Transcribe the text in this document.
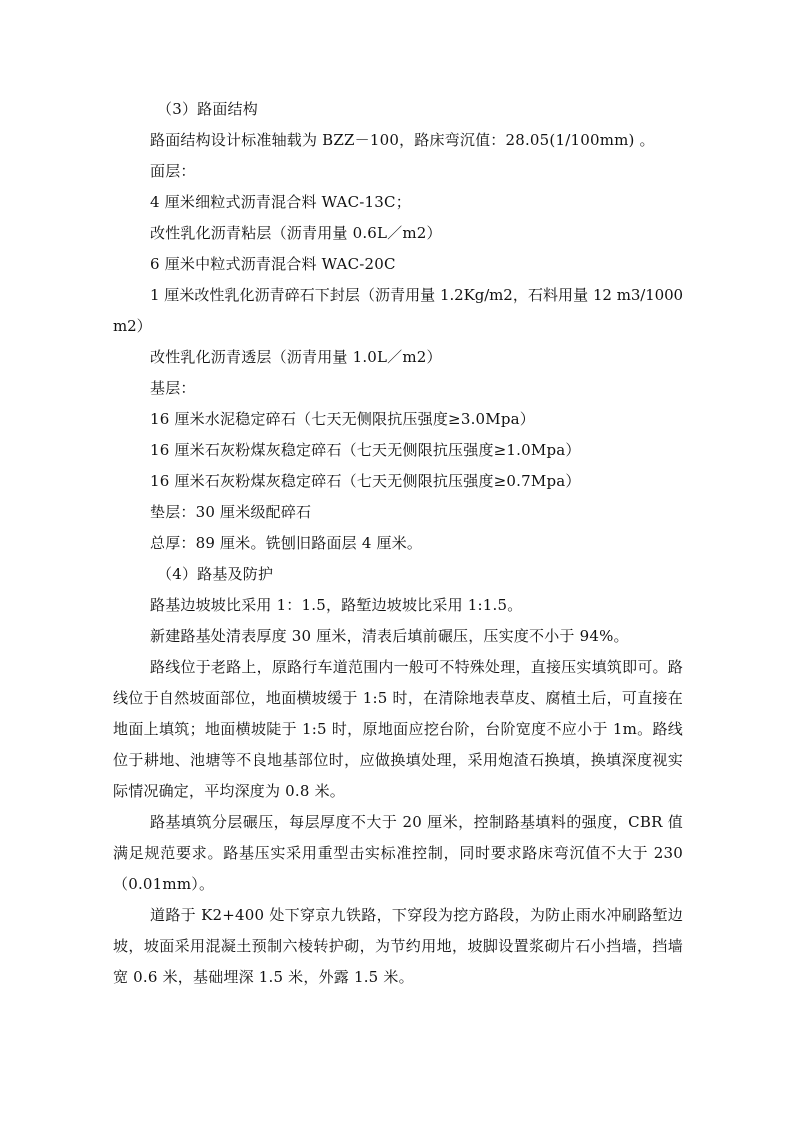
（3）路面结构

路面结构设计标准轴载为 BZZ－100，路床弯沉值：28.05(1/100mm) 。

面层：

4 厘米细粒式沥青混合料 WAC-13C；

改性乳化沥青粘层（沥青用量 0.6L／m2）

6 厘米中粒式沥青混合料 WAC-20C

1 厘米改性乳化沥青碎石下封层（沥青用量 1.2Kg/m2，石料用量 12 m3/1000 m2）

改性乳化沥青透层（沥青用量 1.0L／m2）

基层：

16 厘米水泥稳定碎石（七天无侧限抗压强度≥3.0Mpa）

16 厘米石灰粉煤灰稳定碎石（七天无侧限抗压强度≥1.0Mpa）

16 厘米石灰粉煤灰稳定碎石（七天无侧限抗压强度≥0.7Mpa）

垫层：30 厘米级配碎石

总厚：89 厘米。铣刨旧路面层 4 厘米。

（4）路基及防护

路基边坡坡比采用 1：1.5，路堑边坡坡比采用 1:1.5。

新建路基处清表厚度 30 厘米，清表后填前碾压，压实度不小于 94%。

路线位于老路上，原路行车道范围内一般可不特殊处理，直接压实填筑即可。路线位于自然坡面部位，地面横坡缓于 1:5 时，在清除地表草皮、腐植土后，可直接在地面上填筑；地面横坡陡于 1:5 时，原地面应挖台阶，台阶宽度不应小于 1m。路线位于耕地、池塘等不良地基部位时，应做换填处理，采用炮渣石换填，换填深度视实际情况确定，平均深度为 0.8 米。

路基填筑分层碾压，每层厚度不大于 20 厘米，控制路基填料的强度，CBR 值满足规范要求。路基压实采用重型击实标准控制，同时要求路床弯沉值不大于 230（0.01mm）。

道路于 K2+400 处下穿京九铁路，下穿段为挖方路段，为防止雨水冲刷路堑边坡，坡面采用混凝土预制六棱转护砌，为节约用地，坡脚设置浆砌片石小挡墙，挡墙宽 0.6 米，基础埋深 1.5 米，外露 1.5 米。
